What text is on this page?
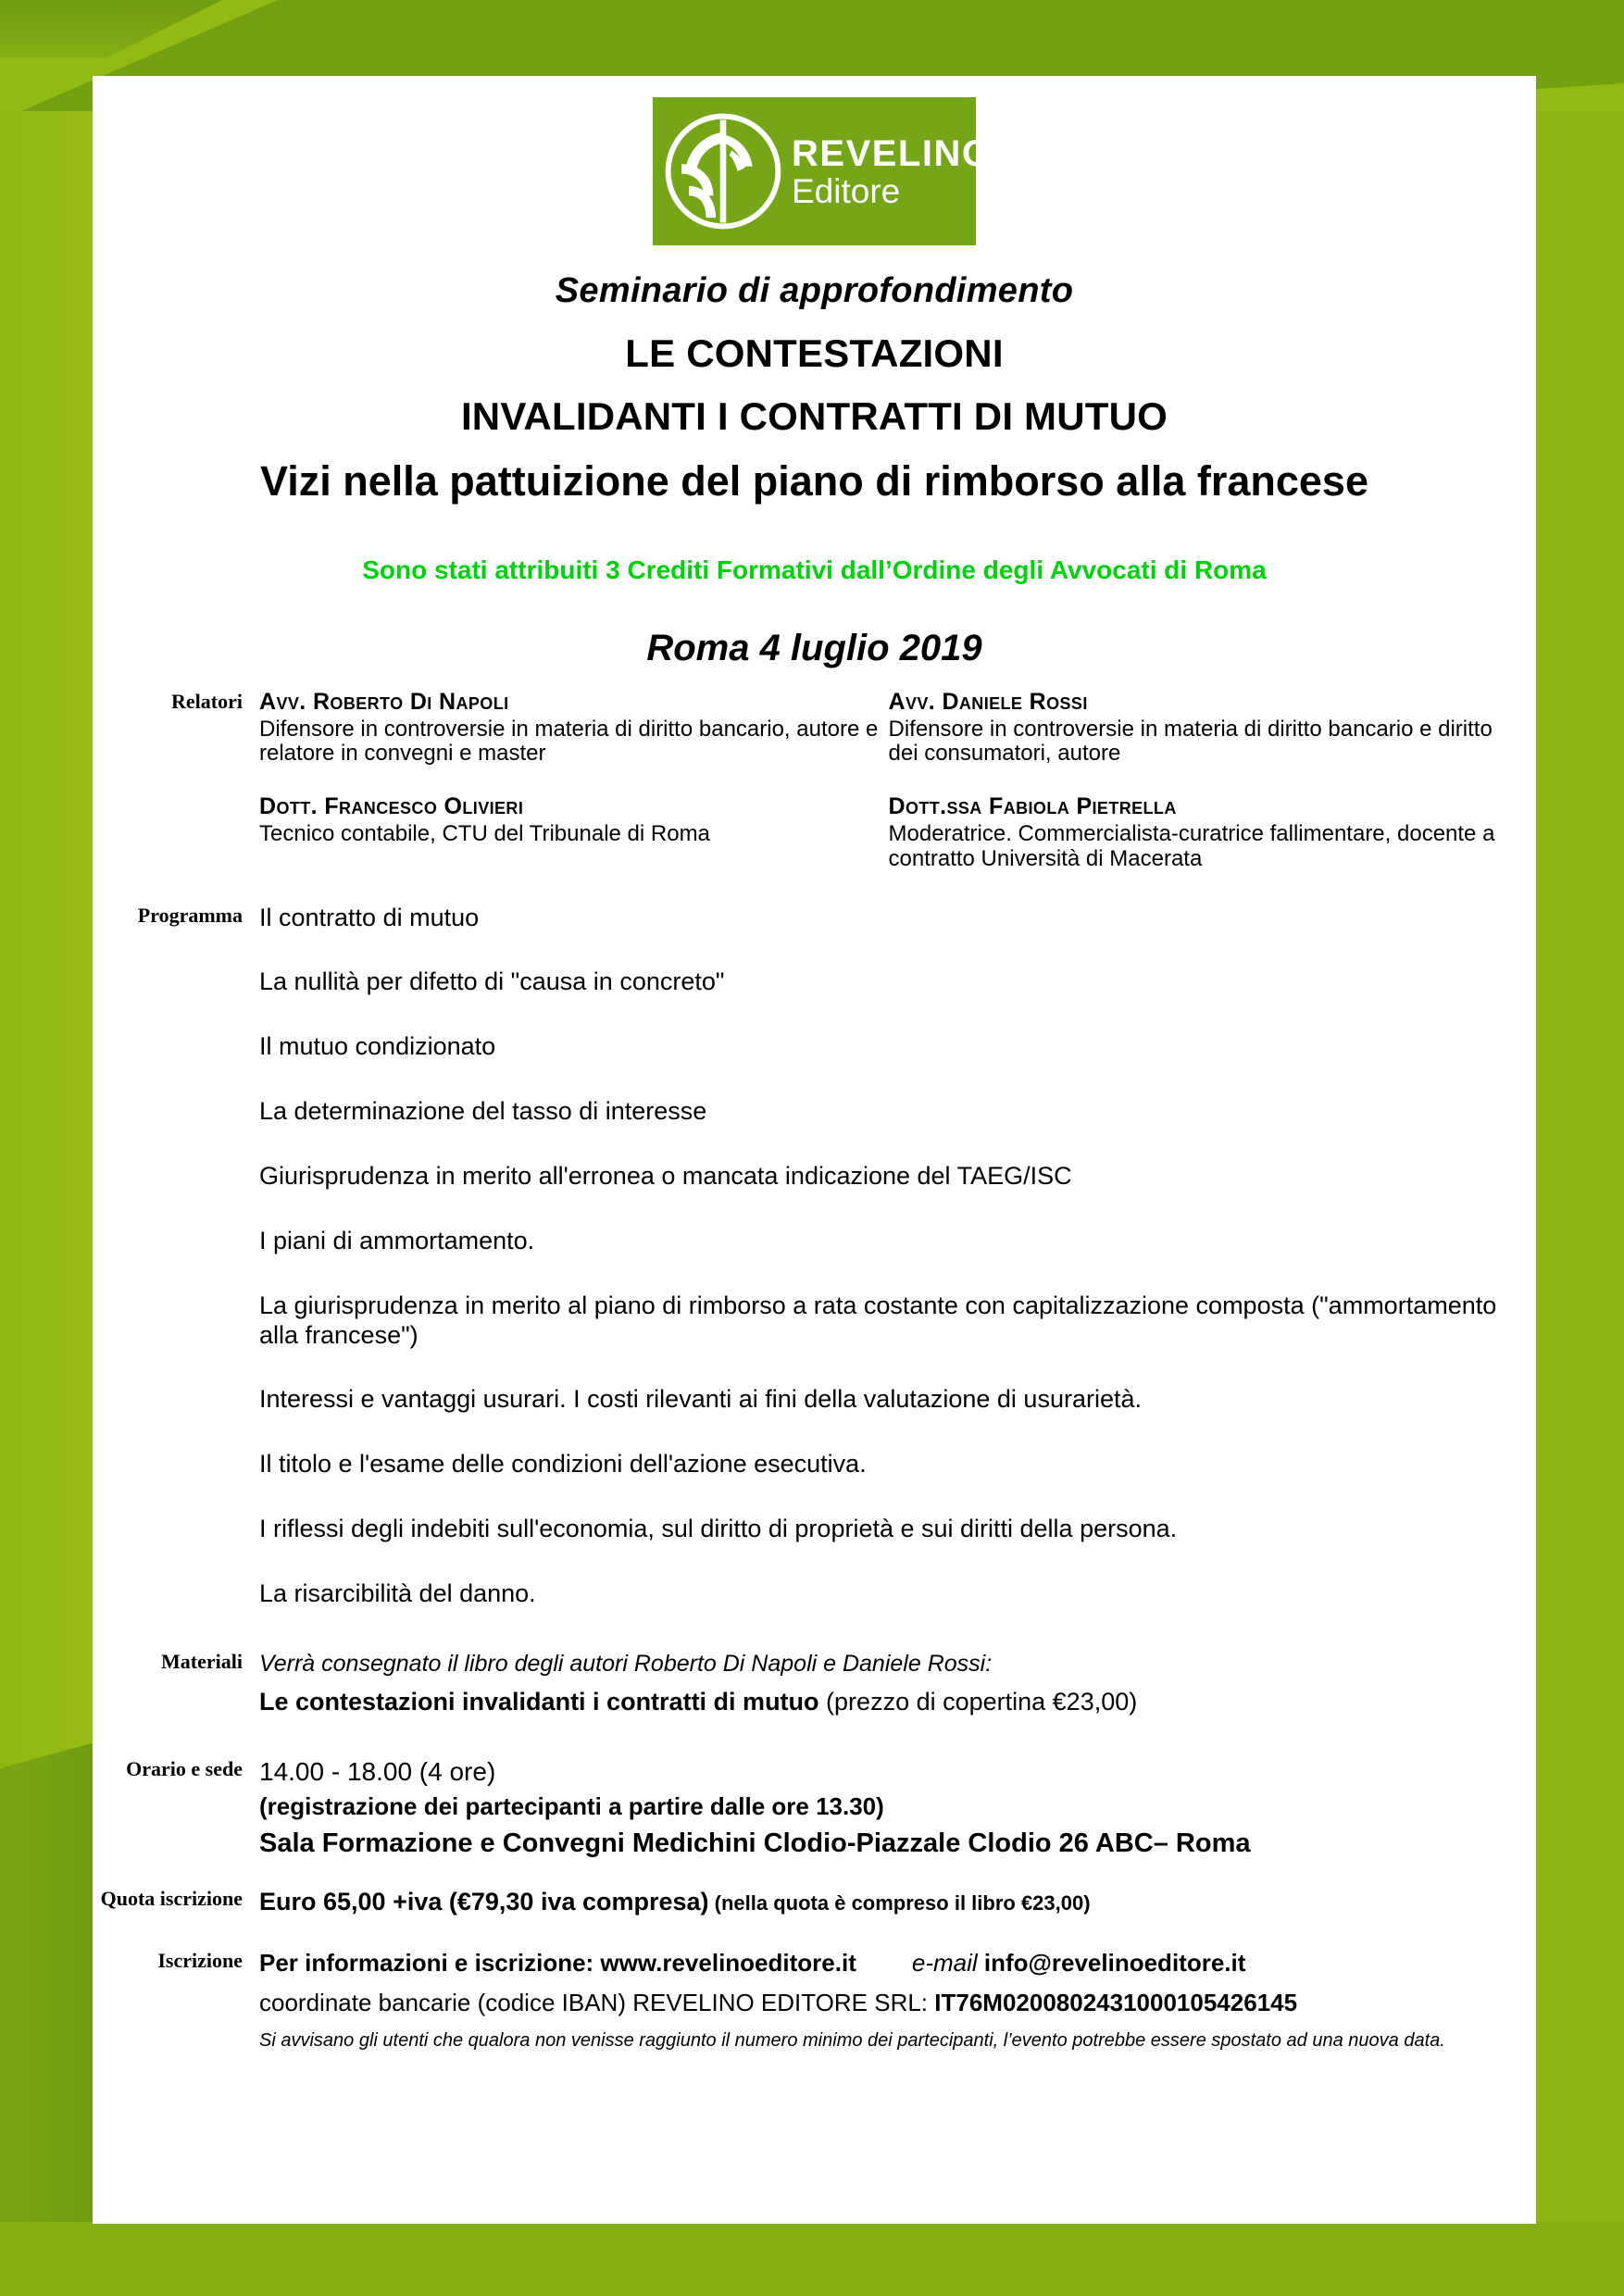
REVELINO
Editore
Seminario di approfondimento
LE CONTESTAZIONI
INVALIDANTI I CONTRATTI DI MUTUO
Vizi nella pattuizione del piano di rimborso alla francese
Sono stati attribuiti 3 Crediti Formativi dall’Ordine degli Avvocati di Roma
Roma 4 luglio 2019
Relatori Avv. Roberto Di Napoli
Difensore in controversie in materia di diritto bancario, autore e relatore in convegni e master
Avv. Daniele Rossi
Difensore in controversie in materia di diritto bancario e diritto dei consumatori, autore
Dott. Francesco Olivieri
Tecnico contabile, CTU del Tribunale di Roma
Dott.ssa Fabiola Pietrella
Moderatrice. Commercialista-curatrice fallimentare, docente a contratto Università di Macerata
Programma Il contratto di mutuo
La nullità per difetto di "causa in concreto"
Il mutuo condizionato
La determinazione del tasso di interesse
Giurisprudenza in merito all'erronea o mancata indicazione del TAEG/ISC
I piani di ammortamento.
La giurisprudenza in merito al piano di rimborso a rata costante con capitalizzazione composta ("ammortamento alla francese")
Interessi e vantaggi usurari. I costi rilevanti ai fini della valutazione di usurarietà.
Il titolo e l'esame delle condizioni dell'azione esecutiva.
I riflessi degli indebiti sull'economia, sul diritto di proprietà e sui diritti della persona.
La risarcibilità del danno.
Materiali Verrà consegnato il libro degli autori Roberto Di Napoli e Daniele Rossi:
Le contestazioni invalidanti i contratti di mutuo (prezzo di copertina €23,00)
Orario e sede 14.00 - 18.00 (4 ore)
(registrazione dei partecipanti a partire dalle ore 13.30)
Sala Formazione e Convegni Medichini Clodio-Piazzale Clodio 26 ABC– Roma
Quota iscrizione Euro 65,00 +iva (€79,30 iva compresa) (nella quota è compreso il libro €23,00)
Iscrizione Per informazioni e iscrizione: www.revelinoeditore.it e-mail info@revelinoeditore.it
coordinate bancarie (codice IBAN) REVELINO EDITORE SRL: IT76M0200802431000105426145
Si avvisano gli utenti che qualora non venisse raggiunto il numero minimo dei partecipanti, l’evento potrebbe essere spostato ad una nuova data.
